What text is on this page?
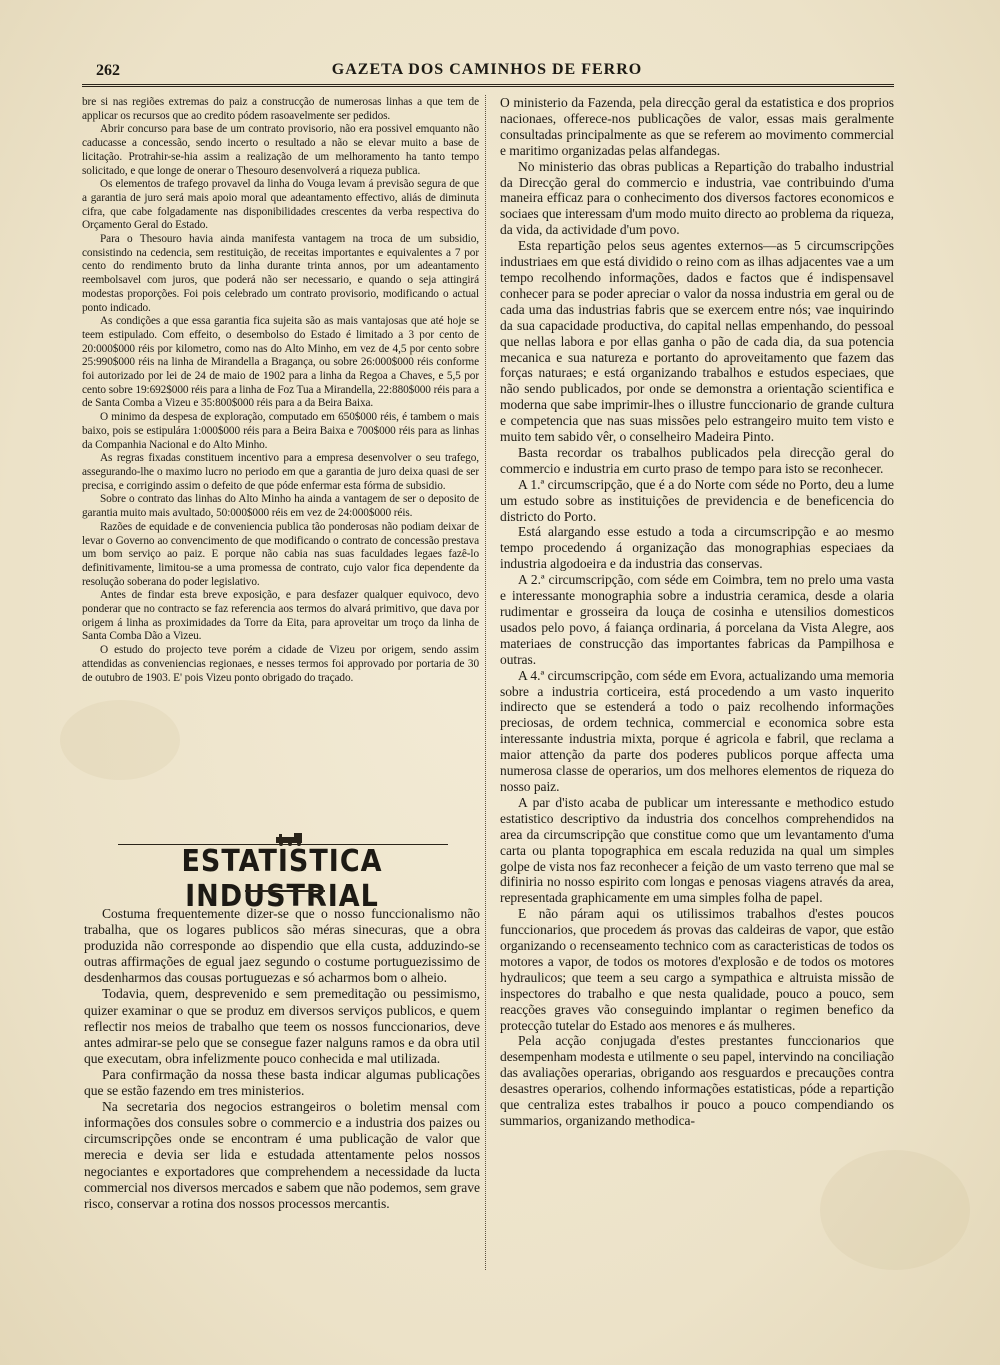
262	GAZETA DOS CAMINHOS DE FERRO

bre si nas regiões extremas do paiz a construcção de numerosas linhas a que tem de applicar os recursos que ao credito pódem rasoavelmente ser pedidos.

Abrir concurso para base de um contrato provisorio, não era possivel emquanto não caducasse a concessão, sendo incerto o resultado a não se elevar muito a base de licitação. Protrahir-se-hia assim a realização de um melhoramento ha tanto tempo solicitado, e que longe de onerar o Thesouro desenvolverá a riqueza publica.

Os elementos de trafego provavel da linha do Vouga levam á previsão segura de que a garantia de juro será mais apoio moral que adeantamento effectivo, aliás de diminuta cifra, que cabe folgadamente nas disponibilidades crescentes da verba respectiva do Orçamento Geral do Estado.

Para o Thesouro havia ainda manifesta vantagem na troca de um subsidio, consistindo na cedencia, sem restituição, de receitas importantes e equivalentes a 7 por cento do rendimento bruto da linha durante trinta annos, por um adeantamento reembolsavel com juros, que poderá não ser necessario, e quando o seja attingirá modestas proporções. Foi pois celebrado um contrato provisorio, modificando o actual ponto indicado.

As condições a que essa garantia fica sujeita são as mais vantajosas que até hoje se teem estipulado. Com effeito, o desembolso do Estado é limitado a 3 por cento de 20:000$000 réis por kilometro, como nas do Alto Minho, em vez de 4,5 por cento sobre 25:990$000 réis na linha de Mirandella a Bragança, ou sobre 26:000$000 réis conforme foi autorizado por lei de 24 de maio de 1902 para a linha da Regoa a Chaves, e 5,5 por cento sobre 19:692$000 réis para a linha de Foz Tua a Mirandella, 22:880$000 réis para a de Santa Comba a Vizeu e 35:800$000 réis para a da Beira Baixa.

O minimo da despesa de exploração, computado em 650$000 réis, é tambem o mais baixo, pois se estipulára 1:000$000 réis para a Beira Baixa e 700$000 réis para as linhas da Companhia Nacional e do Alto Minho.

As regras fixadas constituem incentivo para a empresa desenvolver o seu trafego, assegurando-lhe o maximo lucro no periodo em que a garantia de juro deixa quasi de ser precisa, e corrigindo assim o defeito de que póde enfermar esta fórma de subsidio.

Sobre o contrato das linhas do Alto Minho ha ainda a vantagem de ser o deposito de garantia muito mais avultado, 50:000$000 réis em vez de 24:000$000 réis.

Razões de equidade e de conveniencia publica tão ponderosas não podiam deixar de levar o Governo ao convencimento de que modificando o contrato de concessão prestava um bom serviço ao paiz. E porque não cabia nas suas faculdades legaes fazê-lo definitivamente, limitou-se a uma promessa de contrato, cujo valor fica dependente da resolução soberana do poder legislativo.

Antes de findar esta breve exposição, e para desfazer qualquer equivoco, devo ponderar que no contracto se faz referencia aos termos do alvará primitivo, que dava por origem á linha as proximidades da Torre da Eita, para aproveitar um troço da linha de Santa Comba Dão a Vizeu.

O estudo do projecto teve porém a cidade de Vizeu por origem, sendo assim attendidas as conveniencias regionaes, e nesses termos foi approvado por portaria de 30 de outubro de 1903. E' pois Vizeu ponto obrigado do traçado.

ESTATISTICA INDUSTRIAL

Costuma frequentemente dizer-se que o nosso funccionalismo não trabalha, que os logares publicos são méras sinecuras, que a obra produzida não corresponde ao dispendio que ella custa, adduzindo-se outras affirmações de egual jaez segundo o costume portuguezissimo de desdenharmos das cousas portuguezas e só acharmos bom o alheio.

Todavia, quem, desprevenido e sem premeditação ou pessimismo, quizer examinar o que se produz em diversos serviços publicos, e quem reflectir nos meios de trabalho que teem os nossos funccionarios, deve antes admirar-se pelo que se consegue fazer nalguns ramos e da obra util que executam, obra infelizmente pouco conhecida e mal utilizada.

Para confirmação da nossa these basta indicar algumas publicações que se estão fazendo em tres ministerios.

Na secretaria dos negocios estrangeiros o boletim mensal com informações dos consules sobre o commercio e a industria dos paizes ou circumscripções onde se encontram é uma publicação de valor que merecia e devia ser lida e estudada attentamente pelos nossos negociantes e exportadores que comprehendem a necessidade da lucta commercial nos diversos mercados e sabem que não podemos, sem grave risco, conservar a rotina dos nossos processos mercantis.

O ministerio da Fazenda, pela direcção geral da estatistica e dos proprios nacionaes, offerece-nos publicações de valor, essas mais geralmente consultadas principalmente as que se referem ao movimento commercial e maritimo organizadas pelas alfandegas.

No ministerio das obras publicas a Repartição do trabalho industrial da Direcção geral do commercio e industria, vae contribuindo d'uma maneira efficaz para o conhecimento dos diversos factores economicos e sociaes que interessam d'um modo muito directo ao problema da riqueza, da vida, da actividade d'um povo.

Esta repartição pelos seus agentes externos—as 5 circumscripções industriaes em que está dividido o reino com as ilhas adjacentes vae a um tempo recolhendo informações, dados e factos que é indispensavel conhecer para se poder apreciar o valor da nossa industria em geral ou de cada uma das industrias fabris que se exercem entre nós; vae inquirindo da sua capacidade productiva, do capital nellas empenhando, do pessoal que nellas labora e por ellas ganha o pão de cada dia, da sua potencia mecanica e sua natureza e portanto do aproveitamento que fazem das forças naturaes; e está organizando trabalhos e estudos especiaes, que não sendo publicados, por onde se demonstra a orientação scientifica e moderna que sabe imprimir-lhes o illustre funccionario de grande cultura e competencia que nas suas missões pelo estrangeiro muito tem visto e muito tem sabido vêr, o conselheiro Madeira Pinto.

Basta recordar os trabalhos publicados pela direcção geral do commercio e industria em curto praso de tempo para isto se reconhecer.

A 1.ª circumscripção, que é a do Norte com séde no Porto, deu a lume um estudo sobre as instituições de previdencia e de beneficencia do districto do Porto.

Está alargando esse estudo a toda a circumscripção e ao mesmo tempo procedendo á organização das monographias especiaes da industria algodoeira e da industria das conservas.

A 2.ª circumscripção, com séde em Coimbra, tem no prelo uma vasta e interessante monographia sobre a industria ceramica, desde a olaria rudimentar e grosseira da louça de cosinha e utensilios domesticos usados pelo povo, á faiança ordinaria, á porcelana da Vista Alegre, aos materiaes de construcção das importantes fabricas da Pampilhosa e outras.

A 4.ª circumscripção, com séde em Evora, actualizando uma memoria sobre a industria corticeira, está procedendo a um vasto inquerito indirecto que se estenderá a todo o paiz recolhendo informações preciosas, de ordem technica, commercial e economica sobre esta interessante industria mixta, porque é agricola e fabril, que reclama a maior attenção da parte dos poderes publicos porque affecta uma numerosa classe de operarios, um dos melhores elementos de riqueza do nosso paiz.

A par d'isto acaba de publicar um interessante e methodico estudo estatistico descriptivo da industria dos concelhos comprehendidos na area da circumscripção que constitue como que um levantamento d'uma carta ou planta topographica em escala reduzida na qual um simples golpe de vista nos faz reconhecer a feição de um vasto terreno que mal se difiniria no nosso espirito com longas e penosas viagens através da area, representada graphicamente em uma simples folha de papel.

E não páram aqui os utilissimos trabalhos d'estes poucos funccionarios, que procedem ás provas das caldeiras de vapor, que estão organizando o recenseamento technico com as caracteristicas de todos os motores a vapor, de todos os motores d'explosão e de todos os motores hydraulicos; que teem a seu cargo a sympathica e altruista missão de inspectores do trabalho e que nesta qualidade, pouco a pouco, sem reacções graves vão conseguindo implantar o regimen benefico da protecção tutelar do Estado aos menores e ás mulheres.

Pela acção conjugada d'estes prestantes funccionarios que desempenham modesta e utilmente o seu papel, intervindo na conciliação das avaliações operarias, obrigando aos resguardos e precauções contra desastres operarios, colhendo informações estatisticas, póde a repartição que centraliza estes trabalhos ir pouco a pouco compendiando os summarios, organizando methodica-
